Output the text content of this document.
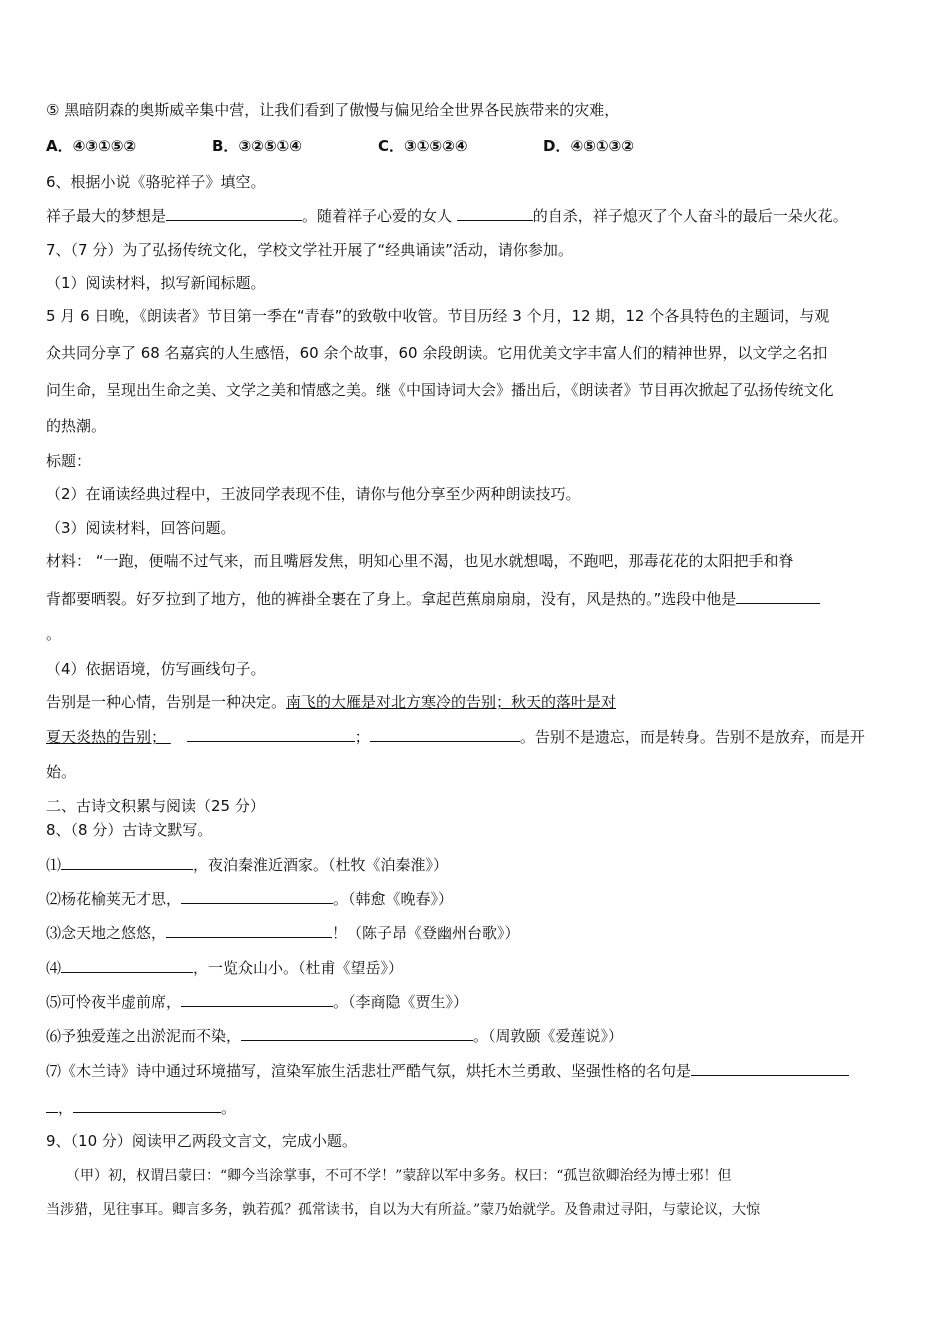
⑤ 黑暗阴森的奥斯威辛集中营，让我们看到了傲慢与偏见给全世界各民族带来的灾难，
A．④③①⑤②	B．③②⑤①④	C．③①⑤②④	D．④⑤①③②
6、根据小说《骆驼祥子》填空。
祥子最大的梦想是	。随着祥子心爱的女人	的自杀，祥子熄灭了个人奋斗的最后一朵火花。
7、（7 分）为了弘扬传统文化，学校文学社开展了“经典诵读”活动，请你参加。
（1）阅读材料，拟写新闻标题。
5 月 6 日晚，《朗读者》节目第一季在“青春”的致敬中收管。节目历经 3 个月，12 期，12 个各具特色的主题词，与观
众共同分享了 68 名嘉宾的人生感悟，60 余个故事，60 余段朗读。它用优美文字丰富人们的精神世界，以文学之名扣
问生命，呈现出生命之美、文学之美和情感之美。继《中国诗词大会》播出后，《朗读者》节目再次掀起了弘扬传统文化
的热潮。
标题：
（2）在诵读经典过程中，王波同学表现不佳，请你与他分享至少两种朗读技巧。
（3）阅读材料，回答问题。
材料： “一跑，便喘不过气来，而且嘴唇发焦，明知心里不渴，也见水就想喝，不跑吧，那毒花花的太阳把手和脊
背都要晒裂。好歹拉到了地方，他的裤褂全裹在了身上。拿起芭蕉扇扇扇，没有，风是热的。”选段中他是
。
（4）依据语境，仿写画线句子。
告别是一种心情，告别是一种决定。南飞的大雁是对北方寒冷的告别；秋天的落叶是对
夏天炎热的告别；	；	。告别不是遗忘，而是转身。告别不是放弃，而是开
始。
二、古诗文积累与阅读（25 分）
8、（8 分）古诗文默写。
⑴	，夜泊秦淮近酒家。（杜牧《泊秦淮》）
⑵杨花榆荚无才思，	。（韩愈《晚春》）
⑶念天地之悠悠，	！（陈子昂《登幽州台歌》）
⑷	，一览众山小。（杜甫《望岳》）
⑸可怜夜半虚前席，	。（李商隐《贾生》）
⑹予独爱莲之出淤泥而不染，	。（周敦颐《爱莲说》）
⑺《木兰诗》诗中通过环境描写，渲染军旅生活悲壮严酷气氛，烘托木兰勇敢、坚强性格的名句是
，	。
9、（10 分）阅读甲乙两段文言文，完成小题。
（甲）初，权谓吕蒙曰：“卿今当涂掌事，不可不学！”蒙辞以军中多务。权曰：“孤岂欲卿治经为博士邪！但
当涉猎，见往事耳。卿言多务，孰若孤？孤常读书，自以为大有所益。”蒙乃始就学。及鲁肃过寻阳，与蒙论议，大惊
